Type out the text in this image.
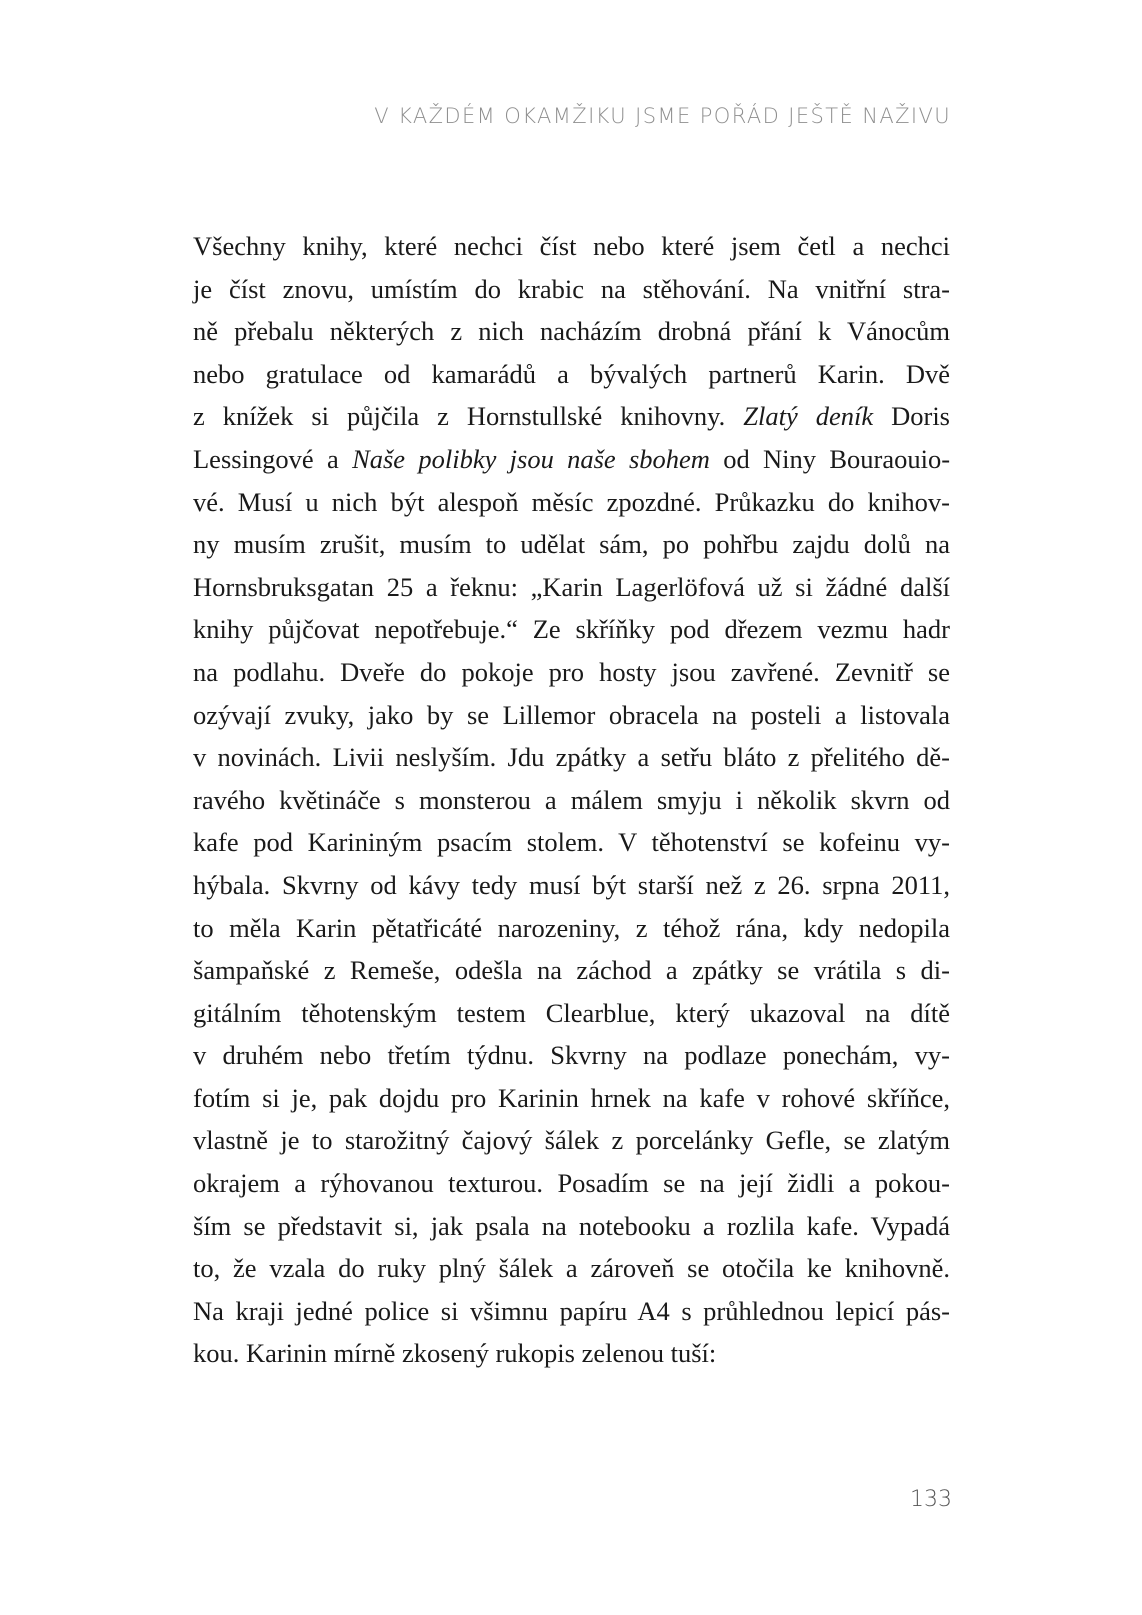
V KAŽDÉM OKAMŽIKU JSME POŘÁD JEŠTĚ NAŽIVU
Všechny knihy, které nechci číst nebo které jsem četl a nechci
je číst znovu, umístím do krabic na stěhování. Na vnitřní stra-
ně přebalu některých z nich nacházím drobná přání k Vánocům
nebo gratulace od kamarádů a bývalých partnerů Karin. Dvě
z knížek si půjčila z Hornstullské knihovny. Zlatý deník Doris
Lessingové a Naše polibky jsou naše sbohem od Niny Bouraouio-
vé. Musí u nich být alespoň měsíc zpozdné. Průkazku do knihov-
ny musím zrušit, musím to udělat sám, po pohřbu zajdu dolů na
Hornsbruksgatan 25 a řeknu: „Karin Lagerlöfová už si žádné další
knihy půjčovat nepotřebuje.“ Ze skříňky pod dřezem vezmu hadr
na podlahu. Dveře do pokoje pro hosty jsou zavřené. Zevnitř se
ozývají zvuky, jako by se Lillemor obracela na posteli a listovala
v novinách. Livii neslyším. Jdu zpátky a setřu bláto z přelitého dě-
ravého květináče s monsterou a málem smyju i několik skvrn od
kafe pod Karininým psacím stolem. V těhotenství se kofeinu vy-
hýbala. Skvrny od kávy tedy musí být starší než z 26. srpna 2011,
to měla Karin pětatřicáté narozeniny, z téhož rána, kdy nedopila
šampaňské z Remeše, odešla na záchod a zpátky se vrátila s di-
gitálním těhotenským testem Clearblue, který ukazoval na dítě
v druhém nebo třetím týdnu. Skvrny na podlaze ponechám, vy-
fotím si je, pak dojdu pro Karinin hrnek na kafe v rohové skříňce,
vlastně je to starožitný čajový šálek z porcelánky Gefle, se zlatým
okrajem a rýhovanou texturou. Posadím se na její židli a pokou-
ším se představit si, jak psala na notebooku a rozlila kafe. Vypadá
to, že vzala do ruky plný šálek a zároveň se otočila ke knihovně.
Na kraji jedné police si všimnu papíru A4 s průhlednou lepicí pás-
kou. Karinin mírně zkosený rukopis zelenou tuší:
133
